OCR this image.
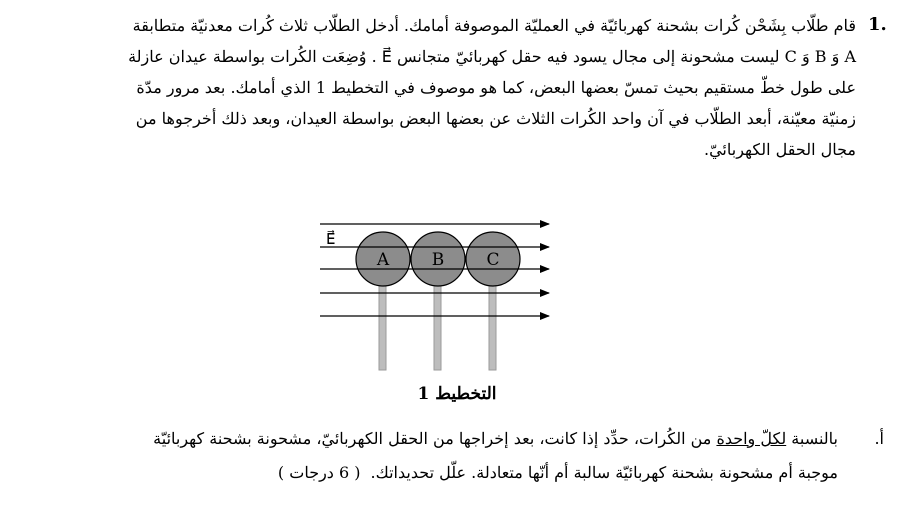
1.

قام طلّاب بِشَحْن كُرات بشحنة كهربائيّة في العمليّة الموصوفة أمامك. أدخل الطلّاب ثلاث كُرات معدنيّة متطابقة

A وَ B وَ C ليست مشحونة إلى مجال يسود فيه حقل كهربائيّ متجانس E⃗ . وُضِعَت الكُرات بواسطة عيدان عازلة

على طول خطّ مستقيم بحيث تمسّ بعضها البعض، كما هو موصوف في التخطيط 1 الذي أمامك. بعد مرور مدّة

زمنيّة معيّنة، أبعد الطلّاب في آن واحد الكُرات الثلاث عن بعضها البعض بواسطة العيدان، وبعد ذلك أخرجوها من

مجال الحقل الكهربائيّ.

E⃗
A	B C
التخطيط 1
أ.
بالنسبة لكلّ واحدة من الكُرات، حدِّد إذا كانت، بعد إخراجها من الحقل الكهربائيّ، مشحونة بشحنة كهربائيّة
موجبة أم مشحونة بشحنة كهربائيّة سالبة أم أنّها متعادلة. علّل تحديداتك.( 6 درجات )
